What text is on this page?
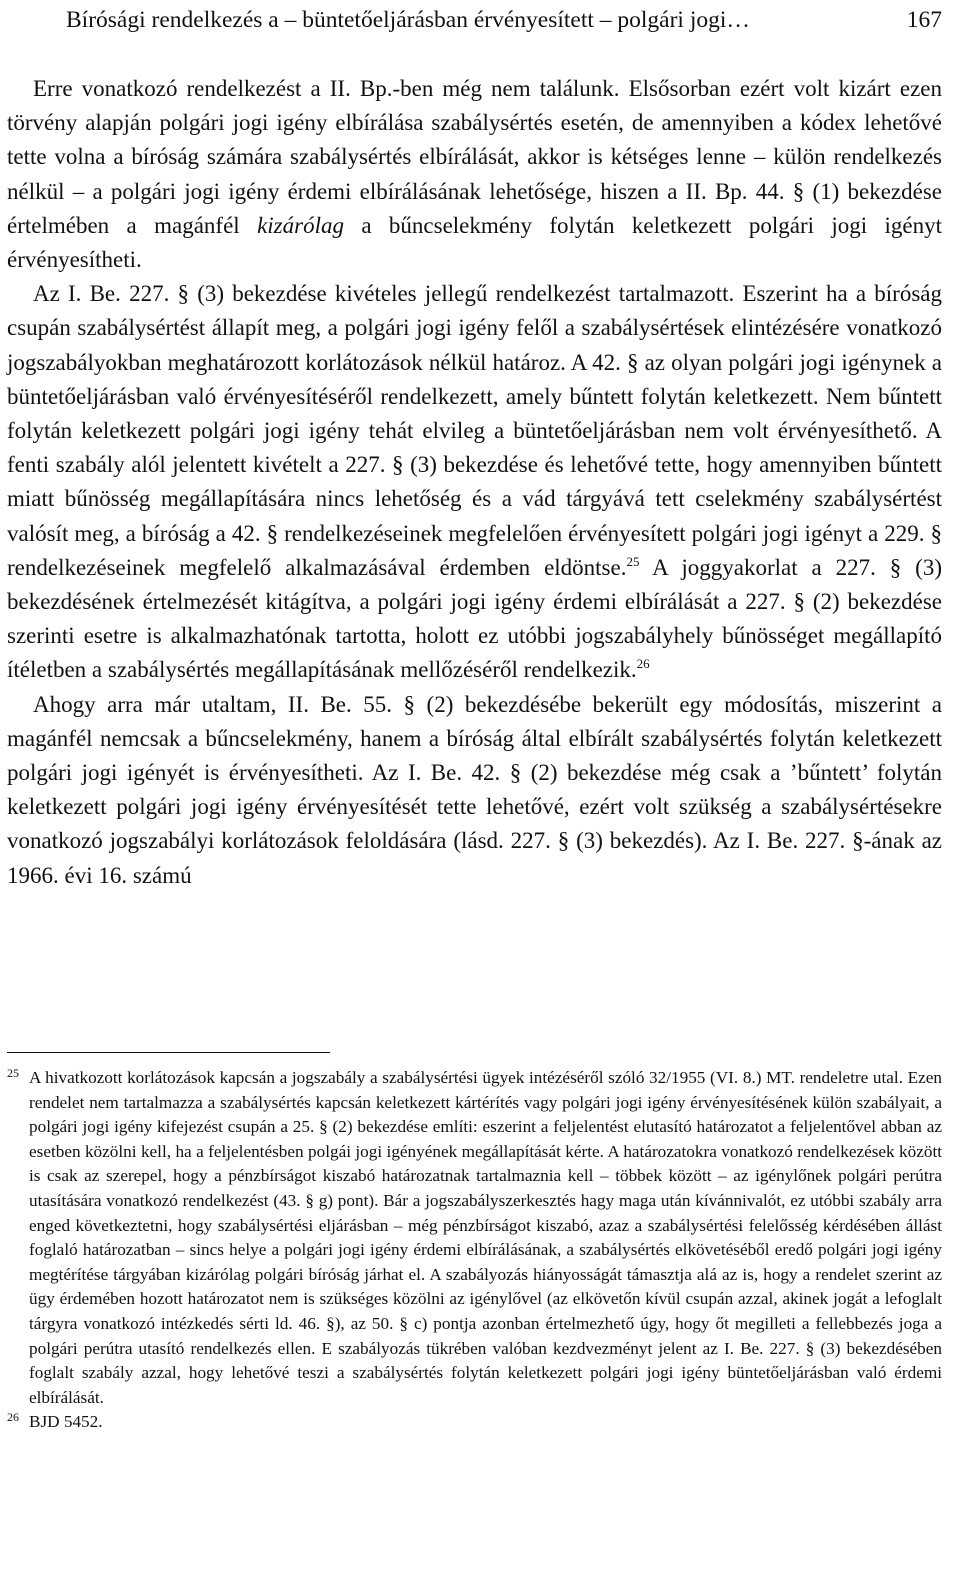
Bírósági rendelkezés a – büntetőeljárásban érvényesített – polgári jogi…	167

Erre vonatkozó rendelkezést a II. Bp.-ben még nem találunk. Elsősorban ezért volt kizárt ezen törvény alapján polgári jogi igény elbírálása szabálysértés esetén, de amennyiben a kódex lehetővé tette volna a bíróság számára szabálysértés elbírálását, akkor is kétséges lenne – külön rendelkezés nélkül – a polgári jogi igény érdemi elbírálásának lehetősége, hiszen a II. Bp. 44. § (1) bekezdése értelmében a magánfél kizárólag a bűncselekmény folytán keletkezett polgári jogi igényt érvényesítheti.

Az I. Be. 227. § (3) bekezdése kivételes jellegű rendelkezést tartalmazott. Eszerint ha a bíróság csupán szabálysértést állapít meg, a polgári jogi igény felől a szabálysértések elintézésére vonatkozó jogszabályokban meghatározott korlátozások nélkül határoz. A 42. § az olyan polgári jogi igénynek a büntetőeljárásban való érvényesítéséről rendelkezett, amely bűntett folytán keletkezett. Nem bűntett folytán keletkezett polgári jogi igény tehát elvileg a büntetőeljárásban nem volt érvényesíthető. A fenti szabály alól jelentett kivételt a 227. § (3) bekezdése és lehetővé tette, hogy amennyiben bűntett miatt bűnösség megállapítására nincs lehetőség és a vád tárgyává tett cselekmény szabálysértést valósít meg, a bíróság a 42. § rendelkezéseinek megfelelően érvényesített polgári jogi igényt a 229. § rendelkezéseinek megfelelő alkalmazásával érdemben eldöntse.$^{25}$ A joggyakorlat a 227. § (3) bekezdésének értelmezését kitágítva, a polgári jogi igény érdemi elbírálását a 227. § (2) bekezdése szerinti esetre is alkalmazhatónak tartotta, holott ez utóbbi jogszabályhely bűnösséget megállapító ítéletben a szabálysértés megállapításának mellőzéséről rendelkezik.$^{26}$

Ahogy arra már utaltam, II. Be. 55. § (2) bekezdésébe bekerült egy módosítás, miszerint a magánfél nemcsak a bűncselekmény, hanem a bíróság által elbírált szabálysértés folytán keletkezett polgári jogi igényét is érvényesítheti. Az I. Be. 42. § (2) bekezdése még csak a ’bűntett’ folytán keletkezett polgári jogi igény érvényesítését tette lehetővé, ezért volt szükség a szabálysértésekre vonatkozó jogszabályi korlátozások feloldására (lásd. 227. § (3) bekezdés). Az I. Be. 227. §-ának az 1966. évi 16. számú

25 A hivatkozott korlátozások kapcsán a jogszabály a szabálysértési ügyek intézéséről szóló 32/1955 (VI. 8.) MT. rendeletre utal. Ezen rendelet nem tartalmazza a szabálysértés kapcsán keletkezett kártérítés vagy polgári jogi igény érvényesítésének külön szabályait, a polgári jogi igény kifejezést csupán a 25. § (2) bekezdése említi: eszerint a feljelentést elutasító határozatot a feljelentővel abban az esetben közölni kell, ha a feljelentésben polgái jogi igényének megállapítását kérte. A határozatokra vonatkozó rendelkezések között is csak az szerepel, hogy a pénzbírságot kiszabó határozatnak tartalmaznia kell – többek között – az igénylőnek polgári perútra utasítására vonatkozó rendelkezést (43. § g) pont). Bár a jogszabályszerkesztés hagy maga után kívánnivalót, ez utóbbi szabály arra enged következtetni, hogy szabálysértési eljárásban – még pénzbírságot kiszabó, azaz a szabálysértési felelősség kérdésében állást foglaló határozatban – sincs helye a polgári jogi igény érdemi elbírálásának, a szabálysértés elkövetéséből eredő polgári jogi igény megtérítése tárgyában kizárólag polgári bíróság járhat el. A szabályozás hiányosságát támasztja alá az is, hogy a rendelet szerint az ügy érdemében hozott határozatot nem is szükséges közölni az igénylővel (az elkövetőn kívül csupán azzal, akinek jogát a lefoglalt tárgyra vonatkozó intézkedés sérti ld. 46. §), az 50. § c) pontja azonban értelmezhető úgy, hogy őt megilleti a fellebbezés joga a polgári perútra utasító rendelkezés ellen. E szabályozás tükrében valóban kezdvezményt jelent az I. Be. 227. § (3) bekezdésében foglalt szabály azzal, hogy lehetővé teszi a szabálysértés folytán keletkezett polgári jogi igény büntetőeljárásban való érdemi elbírálását.

26 BJD 5452.
